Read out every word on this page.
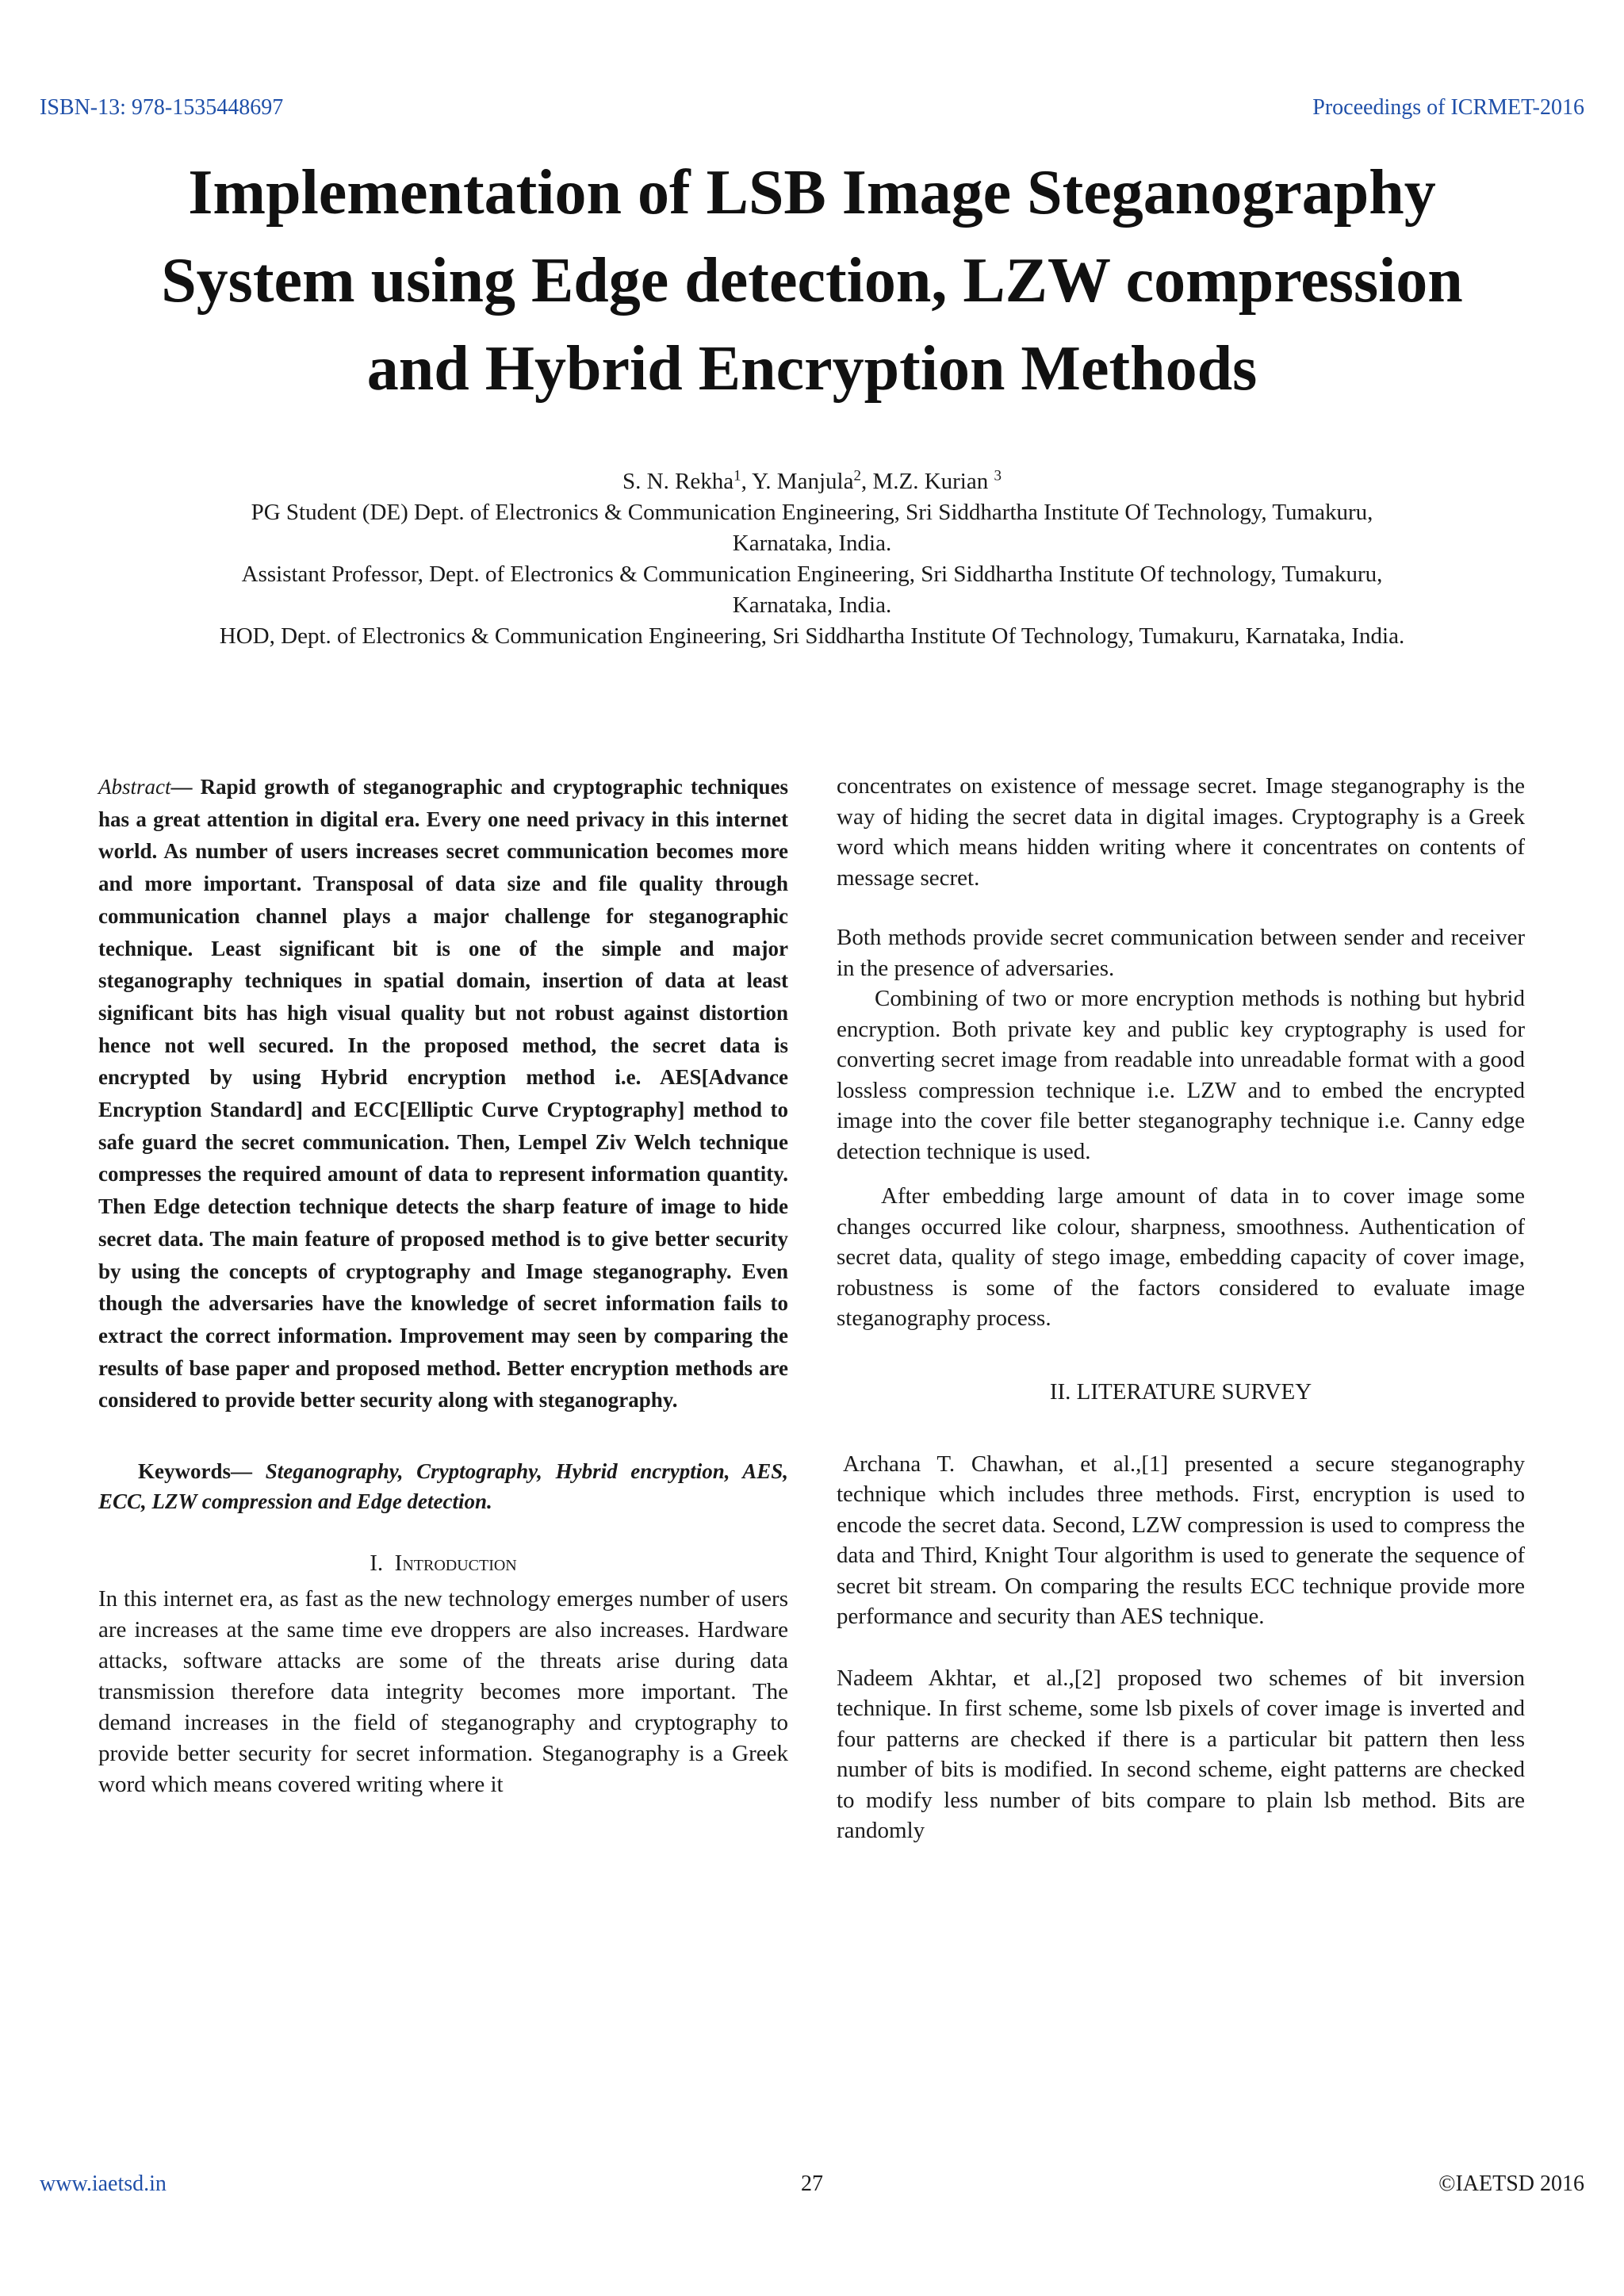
ISBN-13: 978-1535448697	Proceedings of ICRMET-2016
Implementation of LSB Image Steganography
System using Edge detection, LZW compression
and Hybrid Encryption Methods
S. N. Rekha$^1$, Y. Manjula$^2$, M.Z. Kurian $^3$
PG Student (DE) Dept. of Electronics & Communication Engineering, Sri Siddhartha Institute Of Technology, Tumakuru,
Karnataka, India.
Assistant Professor, Dept. of Electronics & Communication Engineering, Sri Siddhartha Institute Of technology, Tumakuru,
Karnataka, India.
HOD, Dept. of Electronics & Communication Engineering, Sri Siddhartha Institute Of Technology, Tumakuru, Karnataka, India.

Abstract— Rapid growth of steganographic and cryptographic techniques has a great attention in digital era. Every one need privacy in this internet world. As number of users increases secret communication becomes more and more important. Transposal of data size and file quality through communication channel plays a major challenge for steganographic technique. Least significant bit is one of the simple and major steganography techniques in spatial domain, insertion of data at least significant bits has high visual quality but not robust against distortion hence not well secured. In the proposed method, the secret data is encrypted by using Hybrid encryption method i.e. AES[Advance Encryption Standard] and ECC[Elliptic Curve Cryptography] method to safe guard the secret communication. Then, Lempel Ziv Welch technique compresses the required amount of data to represent information quantity. Then Edge detection technique detects the sharp feature of image to hide secret data. The main feature of proposed method is to give better security by using the concepts of cryptography and Image steganography. Even though the adversaries have the knowledge of secret information fails to extract the correct information. Improvement may seen by comparing the results of base paper and proposed method. Better encryption methods are considered to provide better security along with steganography.

Keywords— Steganography, Cryptography, Hybrid encryption, AES, ECC, LZW compression and Edge detection.

I. Introduction

In this internet era, as fast as the new technology emerges number of users are increases at the same time eve droppers are also increases. Hardware attacks, software attacks are some of the threats arise during data transmission therefore data integrity becomes more important. The demand increases in the field of steganography and cryptography to provide better security for secret information. Steganography is a Greek word which means covered writing where it

concentrates on existence of message secret. Image steganography is the way of hiding the secret data in digital images. Cryptography is a Greek word which means hidden writing where it concentrates on contents of message secret.

Both methods provide secret communication between sender and receiver in the presence of adversaries.

Combining of two or more encryption methods is nothing but hybrid encryption. Both private key and public key cryptography is used for converting secret image from readable into unreadable format with a good lossless compression technique i.e. LZW and to embed the encrypted image into the cover file better steganography technique i.e. Canny edge detection technique is used.

After embedding large amount of data in to cover image some changes occurred like colour, sharpness, smoothness. Authentication of secret data, quality of stego image, embedding capacity of cover image, robustness is some of the factors considered to evaluate image steganography process.

II. LITERATURE SURVEY

Archana T. Chawhan, et al.,[1] presented a secure steganography technique which includes three methods. First, encryption is used to encode the secret data. Second, LZW compression is used to compress the data and Third, Knight Tour algorithm is used to generate the sequence of secret bit stream. On comparing the results ECC technique provide more performance and security than AES technique.

Nadeem Akhtar, et al.,[2] proposed two schemes of bit inversion technique. In first scheme, some lsb pixels of cover image is inverted and four patterns are checked if there is a particular bit pattern then less number of bits is modified. In second scheme, eight patterns are checked to modify less number of bits compare to plain lsb method. Bits are randomly

www.iaetsd.in	27	©IAETSD 2016
